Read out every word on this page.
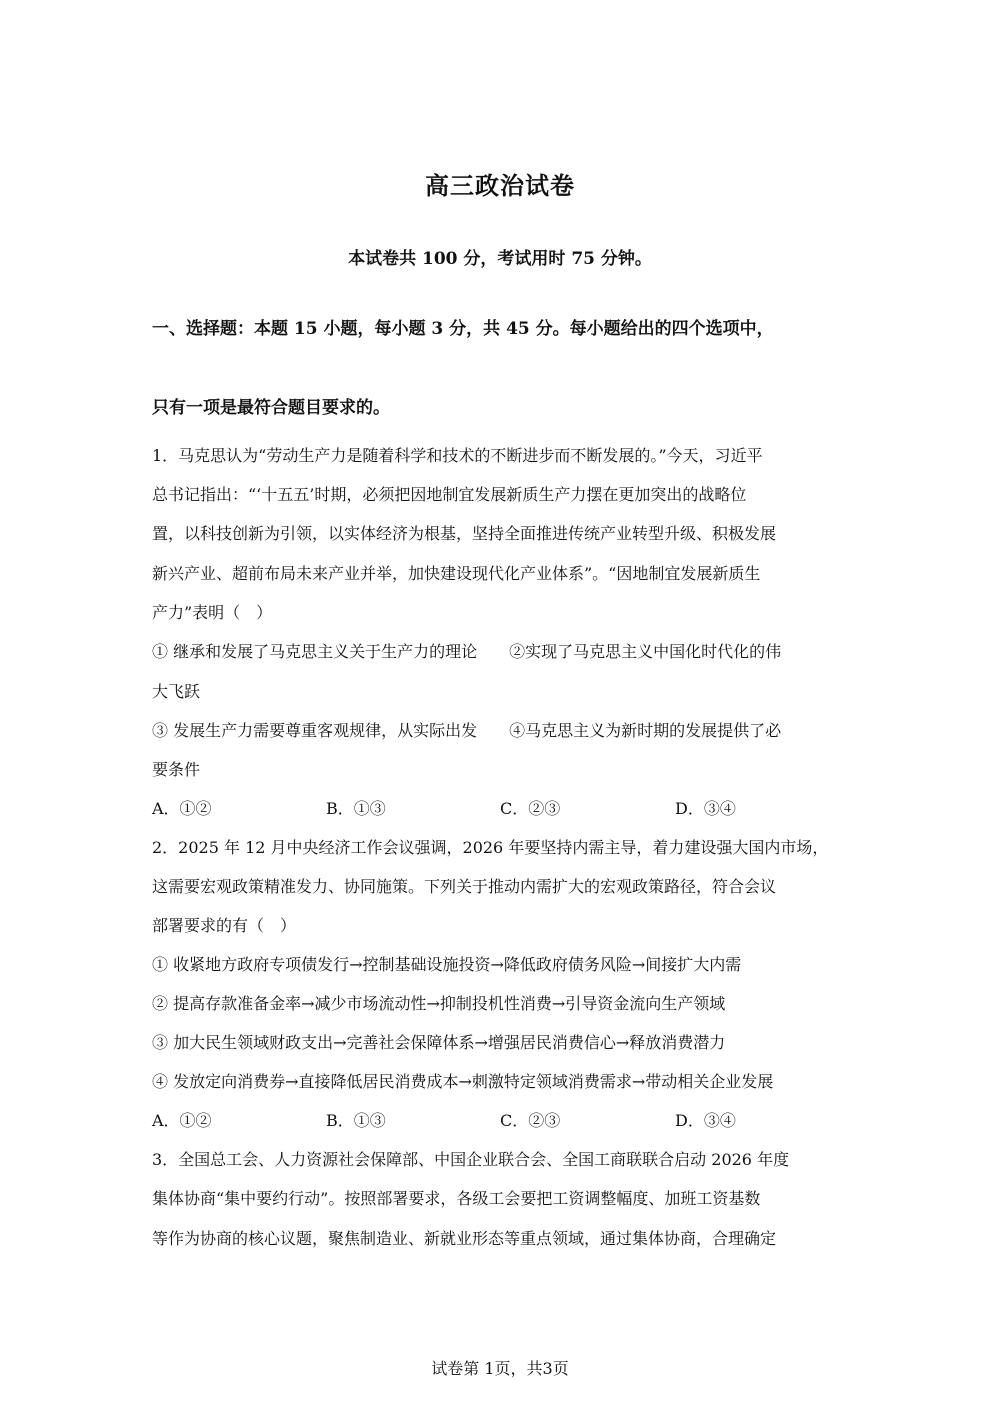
高三政治试卷
本试卷共 100 分，考试用时 75 分钟。
一、选择题：本题 15 小题，每小题 3 分，共 45 分。每小题给出的四个选项中，
只有一项是最符合题目要求的。
1．马克思认为“劳动生产力是随着科学和技术的不断进步而不断发展的。”今天，习近平
总书记指出：“‘十五五’时期，必须把因地制宜发展新质生产力摆在更加突出的战略位
置，以科技创新为引领，以实体经济为根基，坚持全面推进传统产业转型升级、积极发展
新兴产业、超前布局未来产业并举，加快建设现代化产业体系”。“因地制宜发展新质生
产力”表明（　）
① 继承和发展了马克思主义关于生产力的理论　　②实现了马克思主义中国化时代化的伟
大飞跃
③ 发展生产力需要尊重客观规律，从实际出发　　④马克思主义为新时期的发展提供了必
要条件
A．①②	B．①③	C．②③	D．③④
2．2025 年 12 月中央经济工作会议强调，2026 年要坚持内需主导，着力建设强大国内市场，
这需要宏观政策精准发力、协同施策。下列关于推动内需扩大的宏观政策路径，符合会议
部署要求的有（　）
① 收紧地方政府专项债发行→控制基础设施投资→降低政府债务风险→间接扩大内需
② 提高存款准备金率→减少市场流动性→抑制投机性消费→引导资金流向生产领域
③ 加大民生领域财政支出→完善社会保障体系→增强居民消费信心→释放消费潜力
④ 发放定向消费券→直接降低居民消费成本→刺激特定领域消费需求→带动相关企业发展
A．①②	B．①③	C．②③	D．③④
3．全国总工会、人力资源社会保障部、中国企业联合会、全国工商联联合启动 2026 年度
集体协商“集中要约行动”。按照部署要求，各级工会要把工资调整幅度、加班工资基数
等作为协商的核心议题，聚焦制造业、新就业形态等重点领域，通过集体协商，合理确定
试卷第 1页，共3页
